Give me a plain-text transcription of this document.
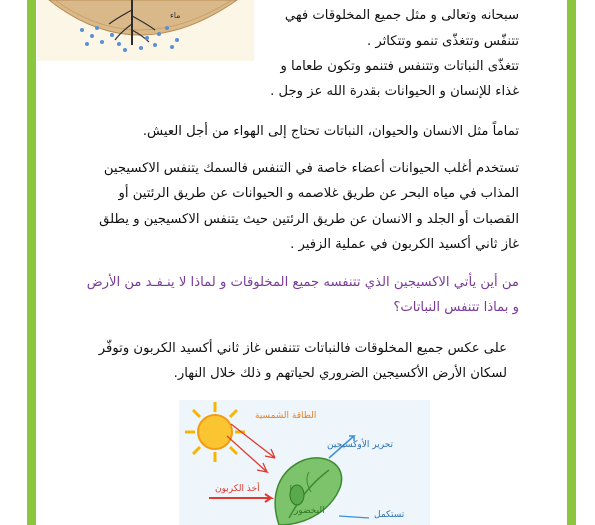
ماء	سبحانه وتعالى و مثل جميع المخلوقات فهي
تتنفّس وتتغذّى تنمو وتتكاثر .
تتغذّى النباتات وتتنفس فتنمو وتكون طعاما و
غذاء للإنسان و الحيوانات بقدرة الله عز وجل .
تماماً مثل الانسان والحيوان، النباتات تحتاج إلى الهواء من أجل العيش.
تستخدم أغلب الحيوانات أعضاء خاصة في التنفس فالسمك يتنفس الاكسيجين
المذاب في مياه البحر عن طريق غلاصمه و الحيوانات عن طريق الرئتين أو
القصبات أو الجلد و الانسان عن طريق الرئتين حيث يتنفس الاكسيجين و يطلق
غاز ثاني أكسيد الكربون في عملية الزفير .
من أين يأتي الاكسيجين الذي تتنفسه جميع المخلوقات و لماذا لا ينـفـد من الأرض
و بماذا تتنفس النباتات؟
على عكس جميع المخلوقات فالنباتات تتنفس غاز ثاني أكسيد الكربون وتوفّر
لسكان الأرض الأكسيجين الضروري لحياتهم و ذلك خلال النهار.
الطاقة الشمسية
تحرير الأوكسيجين
أخذ الكربون
اليخضور	تستكمل
